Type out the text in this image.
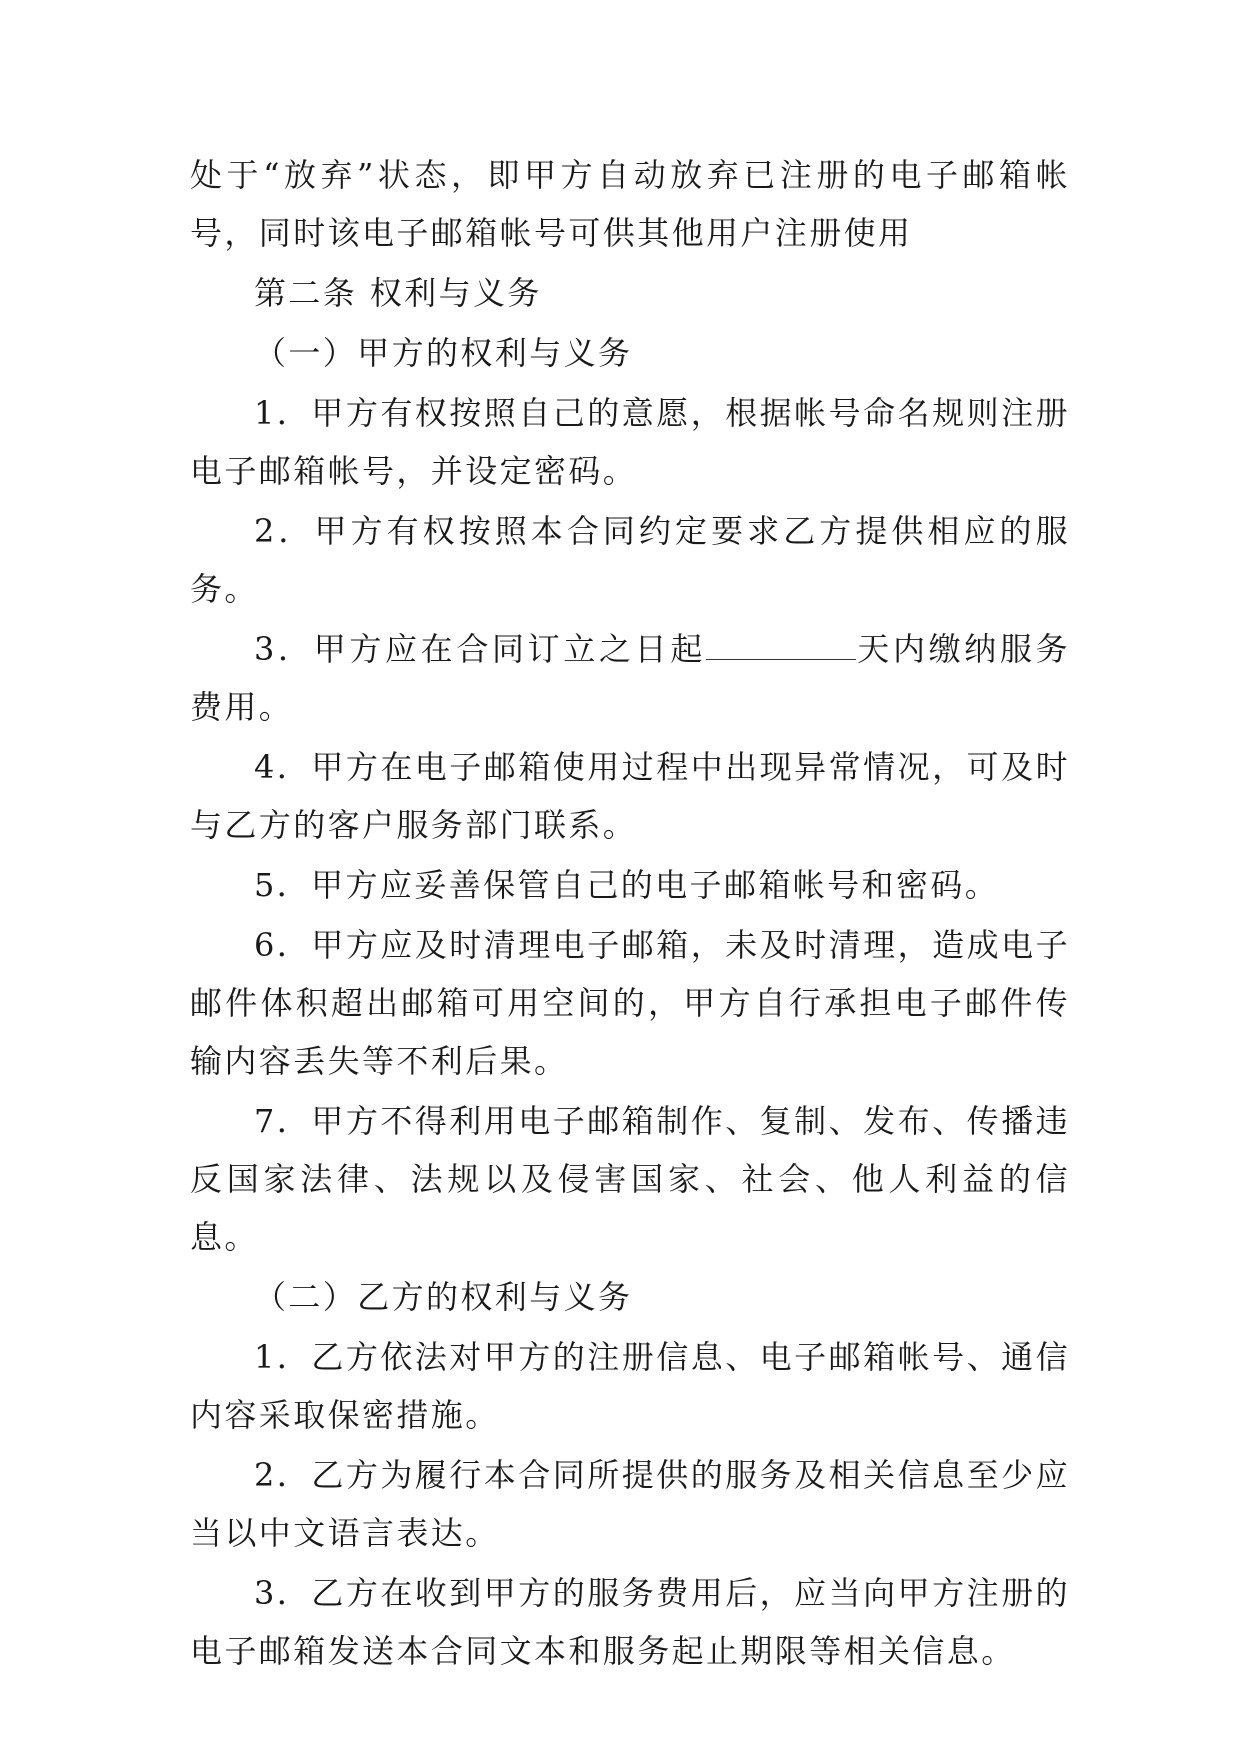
处于“放弃”状态，即甲方自动放弃已注册的电子邮箱帐号，同时该电子邮箱帐号可供其他用户注册使用

第二条 权利与义务

（一）甲方的权利与义务

1．甲方有权按照自己的意愿，根据帐号命名规则注册电子邮箱帐号，并设定密码。

2．甲方有权按照本合同约定要求乙方提供相应的服务。

3．甲方应在合同订立之日起	天内缴纳服务费用。

4．甲方在电子邮箱使用过程中出现异常情况，可及时与乙方的客户服务部门联系。

5．甲方应妥善保管自己的电子邮箱帐号和密码。

6．甲方应及时清理电子邮箱，未及时清理，造成电子邮件体积超出邮箱可用空间的，甲方自行承担电子邮件传输内容丢失等不利后果。

7．甲方不得利用电子邮箱制作、复制、发布、传播违反国家法律、法规以及侵害国家、社会、他人利益的信息。

（二）乙方的权利与义务

1．乙方依法对甲方的注册信息、电子邮箱帐号、通信内容采取保密措施。

2．乙方为履行本合同所提供的服务及相关信息至少应当以中文语言表达。

3．乙方在收到甲方的服务费用后，应当向甲方注册的电子邮箱发送本合同文本和服务起止期限等相关信息。
